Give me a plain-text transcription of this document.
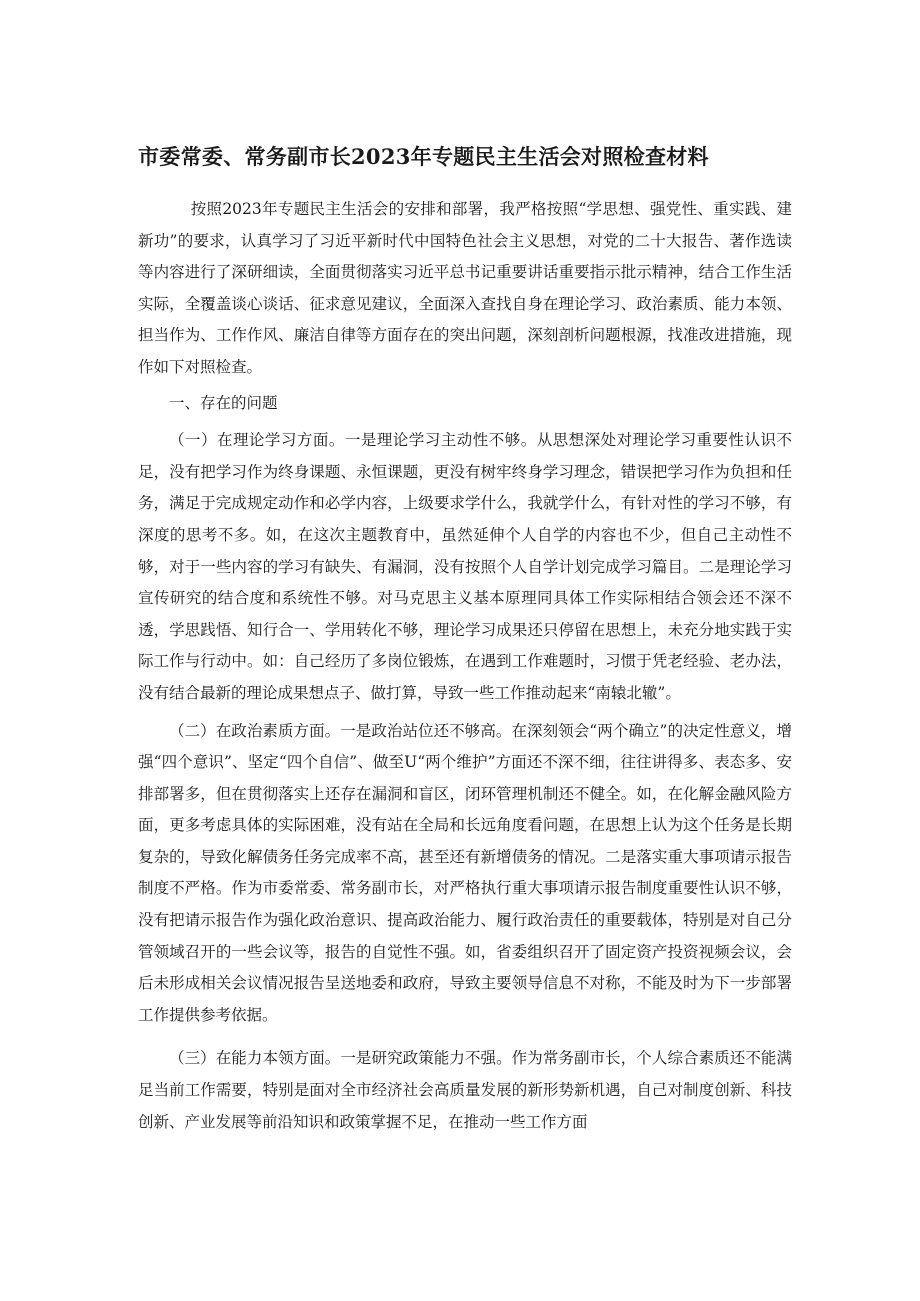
市委常委、常务副市长2023年专题民主生活会对照检查材料

按照2023年专题民主生活会的安排和部署，我严格按照“学思想、强党性、重实践、建新功”的要求，认真学习了习近平新时代中国特色社会主义思想，对党的二十大报告、著作选读等内容进行了深研细读，全面贯彻落实习近平总书记重要讲话重要指示批示精神，结合工作生活实际，全覆盖谈心谈话、征求意见建议，全面深入查找自身在理论学习、政治素质、能力本领、担当作为、工作作风、廉洁自律等方面存在的突出问题，深刻剖析问题根源，找准改进措施，现作如下对照检查。

一、存在的问题

（一）在理论学习方面。一是理论学习主动性不够。从思想深处对理论学习重要性认识不足，没有把学习作为终身课题、永恒课题，更没有树牢终身学习理念，错误把学习作为负担和任务，满足于完成规定动作和必学内容，上级要求学什么，我就学什么，有针对性的学习不够，有深度的思考不多。如，在这次主题教育中，虽然延伸个人自学的内容也不少，但自己主动性不够，对于一些内容的学习有缺失、有漏洞，没有按照个人自学计划完成学习篇目。二是理论学习宣传研究的结合度和系统性不够。对马克思主义基本原理同具体工作实际相结合领会还不深不透，学思践悟、知行合一、学用转化不够，理论学习成果还只停留在思想上，未充分地实践于实际工作与行动中。如：自己经历了多岗位锻炼，在遇到工作难题时，习惯于凭老经验、老办法，没有结合最新的理论成果想点子、做打算，导致一些工作推动起来“南辕北辙”。

（二）在政治素质方面。一是政治站位还不够高。在深刻领会“两个确立”的决定性意义，增强“四个意识”、坚定“四个自信”、做至U“两个维护”方面还不深不细，往往讲得多、表态多、安排部署多，但在贯彻落实上还存在漏洞和盲区，闭环管理机制还不健全。如，在化解金融风险方面，更多考虑具体的实际困难，没有站在全局和长远角度看问题，在思想上认为这个任务是长期复杂的，导致化解债务任务完成率不高，甚至还有新增债务的情况。二是落实重大事项请示报告制度不严格。作为市委常委、常务副市长，对严格执行重大事项请示报告制度重要性认识不够，没有把请示报告作为强化政治意识、提高政治能力、履行政治责任的重要载体，特别是对自己分管领域召开的一些会议等，报告的自觉性不强。如，省委组织召开了固定资产投资视频会议，会后未形成相关会议情况报告呈送地委和政府，导致主要领导信息不对称，不能及时为下一步部署工作提供参考依据。

（三）在能力本领方面。一是研究政策能力不强。作为常务副市长，个人综合素质还不能满足当前工作需要，特别是面对全市经济社会高质量发展的新形势新机遇，自己对制度创新、科技创新、产业发展等前沿知识和政策掌握不足，在推动一些工作方面
